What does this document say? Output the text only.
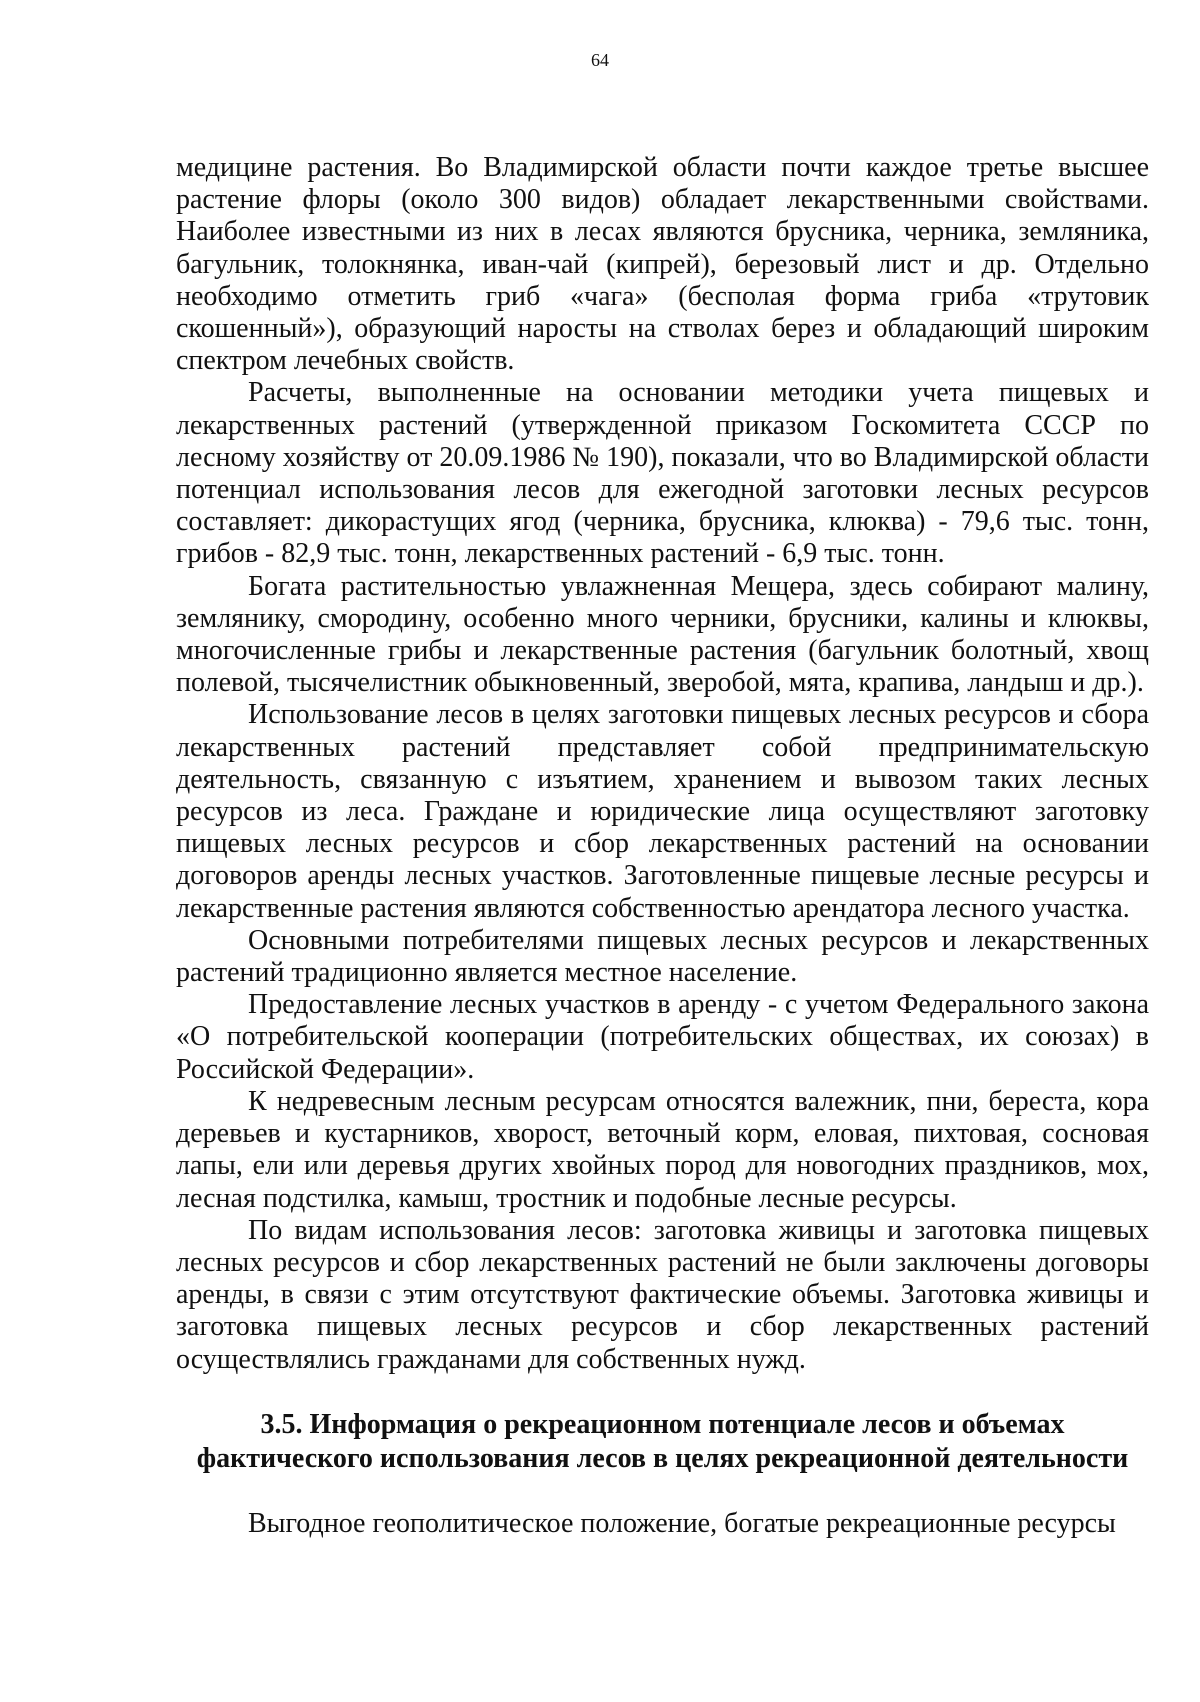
64

медицине растения. Во Владимирской области почти каждое третье высшее растение флоры (около 300 видов) обладает лекарственными свойствами. Наиболее известными из них в лесах являются брусника, черника, земляника, багульник, толокнянка, иван-чай (кипрей), березовый лист и др. Отдельно необходимо отметить гриб «чага» (бесполая форма гриба «трутовик скошенный»), образующий наросты на стволах берез и обладающий широким спектром лечебных свойств.

Расчеты, выполненные на основании методики учета пищевых и лекарственных растений (утвержденной приказом Госкомитета СССР по лесному хозяйству от 20.09.1986 № 190), показали, что во Владимирской области потенциал использования лесов для ежегодной заготовки лесных ресурсов составляет: дикорастущих ягод (черника, брусника, клюква) - 79,6 тыс. тонн, грибов - 82,9 тыс. тонн, лекарственных растений - 6,9 тыс. тонн.

Богата растительностью увлажненная Мещера, здесь собирают малину, землянику, смородину, особенно много черники, брусники, калины и клюквы, многочисленные грибы и лекарственные растения (багульник болотный, хвощ полевой, тысячелистник обыкновенный, зверобой, мята, крапива, ландыш и др.).

Использование лесов в целях заготовки пищевых лесных ресурсов и сбора лекарственных растений представляет собой предпринимательскую деятельность, связанную с изъятием, хранением и вывозом таких лесных ресурсов из леса. Граждане и юридические лица осуществляют заготовку пищевых лесных ресурсов и сбор лекарственных растений на основании договоров аренды лесных участков. Заготовленные пищевые лесные ресурсы и лекарственные растения являются собственностью арендатора лесного участка.

Основными потребителями пищевых лесных ресурсов и лекарственных растений традиционно является местное население.

Предоставление лесных участков в аренду - с учетом Федерального закона «О потребительской кооперации (потребительских обществах, их союзах) в Российской Федерации».

К недревесным лесным ресурсам относятся валежник, пни, береста, кора деревьев и кустарников, хворост, веточный корм, еловая, пихтовая, сосновая лапы, ели или деревья других хвойных пород для новогодних праздников, мох, лесная подстилка, камыш, тростник и подобные лесные ресурсы.

По видам использования лесов: заготовка живицы и заготовка пищевых лесных ресурсов и сбор лекарственных растений не были заключены договоры аренды, в связи с этим отсутствуют фактические объемы. Заготовка живицы и заготовка пищевых лесных ресурсов и сбор лекарственных растений осуществлялись гражданами для собственных нужд.

3.5. Информация о рекреационном потенциале лесов и объемах
фактического использования лесов в целях рекреационной деятельности

Выгодное геополитическое положение, богатые рекреационные ресурсы
